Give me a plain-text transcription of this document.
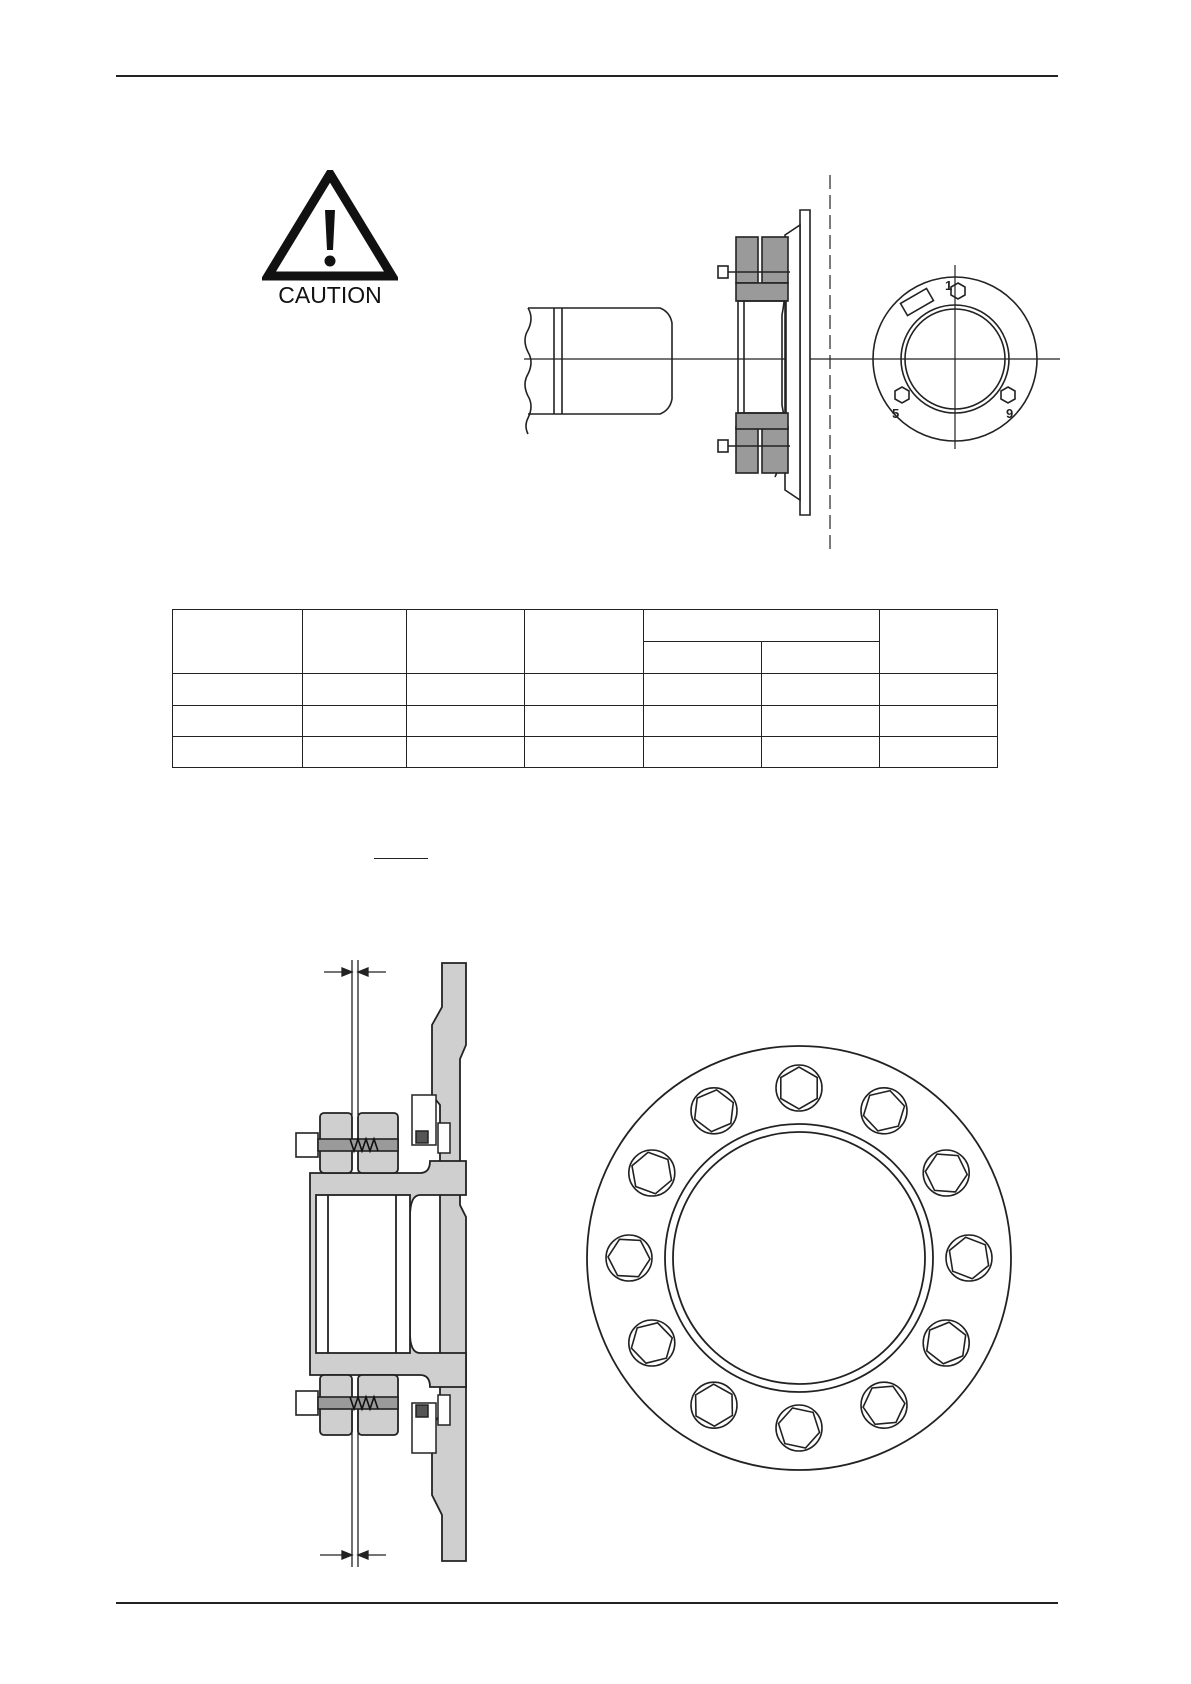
CAUTION	1
5	9
